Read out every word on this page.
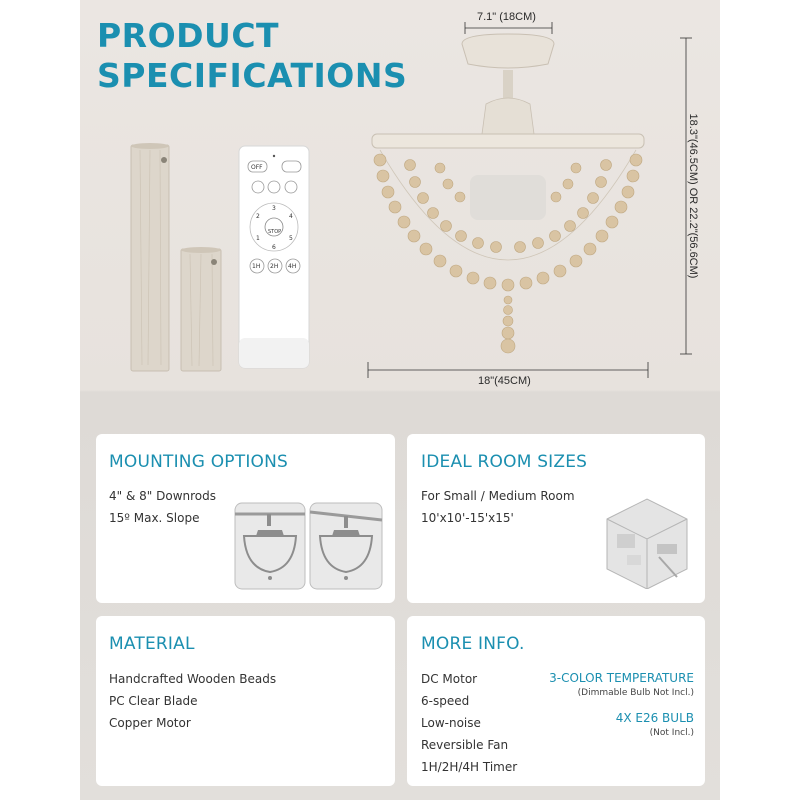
OFF
STOP
3
4
5
6
1
2
1H 2H 4H
PRODUCT
SPECIFICATIONS
7.1" (18CM)
18"(45CM)
18.3"(46.5CM) OR 22.2"(56.6CM)
MOUNTING OPTIONS
4" & 8" Downrods
15º Max. Slope
IDEAL ROOM SIZES
For Small / Medium Room
10'x10'-15'x15'
MATERIAL
Handcrafted Wooden Beads
PC Clear Blade
Copper Motor
MORE INFO.
DC Motor
6-speed
Low-noise
Reversible Fan
1H/2H/4H Timer
3-COLOR TEMPERATURE
(Dimmable Bulb Not Incl.)
4X E26 BULB
(Not Incl.)
